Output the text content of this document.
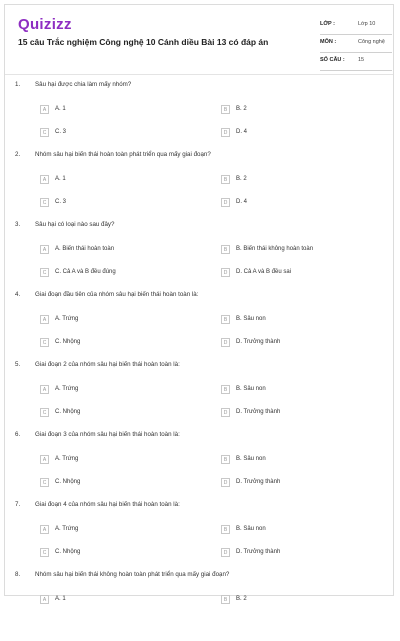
Quizizz
15 câu Trắc nghiệm Công nghệ 10 Cánh diều Bài 13 có đáp án
LỚP :	Lớp 10
MÔN :	Công nghệ
SỐ CÂU : 15
1. Sâu hại được chia làm mấy nhóm?
A	A. 1	B	B. 2
C	C. 3	D	D. 4
2. Nhóm sâu hại biến thái hoàn toàn phát triển qua mấy giai đoạn?
A	A. 1	B	B. 2
C	C. 3	D	D. 4
3. Sâu hại có loại nào sau đây?
A	A. Biến thái hoàn toàn	B	B. Biến thái không hoàn toàn
C	C. Cả A và B đều đúng	D	D. Cả A và B đều sai
4. Giai đoạn đầu tiên của nhóm sâu hại biến thái hoàn toàn là:
A	A. Trứng	B	B. Sâu non
C	C. Nhộng	D	D. Trưởng thành
5. Giai đoạn 2 của nhóm sâu hại biến thái hoàn toàn là:
A	A. Trứng	B	B. Sâu non
C	C. Nhộng	D	D. Trưởng thành
6. Giai đoạn 3 của nhóm sâu hại biến thái hoàn toàn là:
A	A. Trứng	B	B. Sâu non
C	C. Nhộng	D	D. Trưởng thành
7. Giai đoạn 4 của nhóm sâu hại biến thái hoàn toàn là:
A	A. Trứng	B	B. Sâu non
C	C. Nhộng	D	D. Trưởng thành
8. Nhóm sâu hại biến thái không hoàn toàn phát triển qua mấy giai đoạn?
A	A. 1	B	B. 2
